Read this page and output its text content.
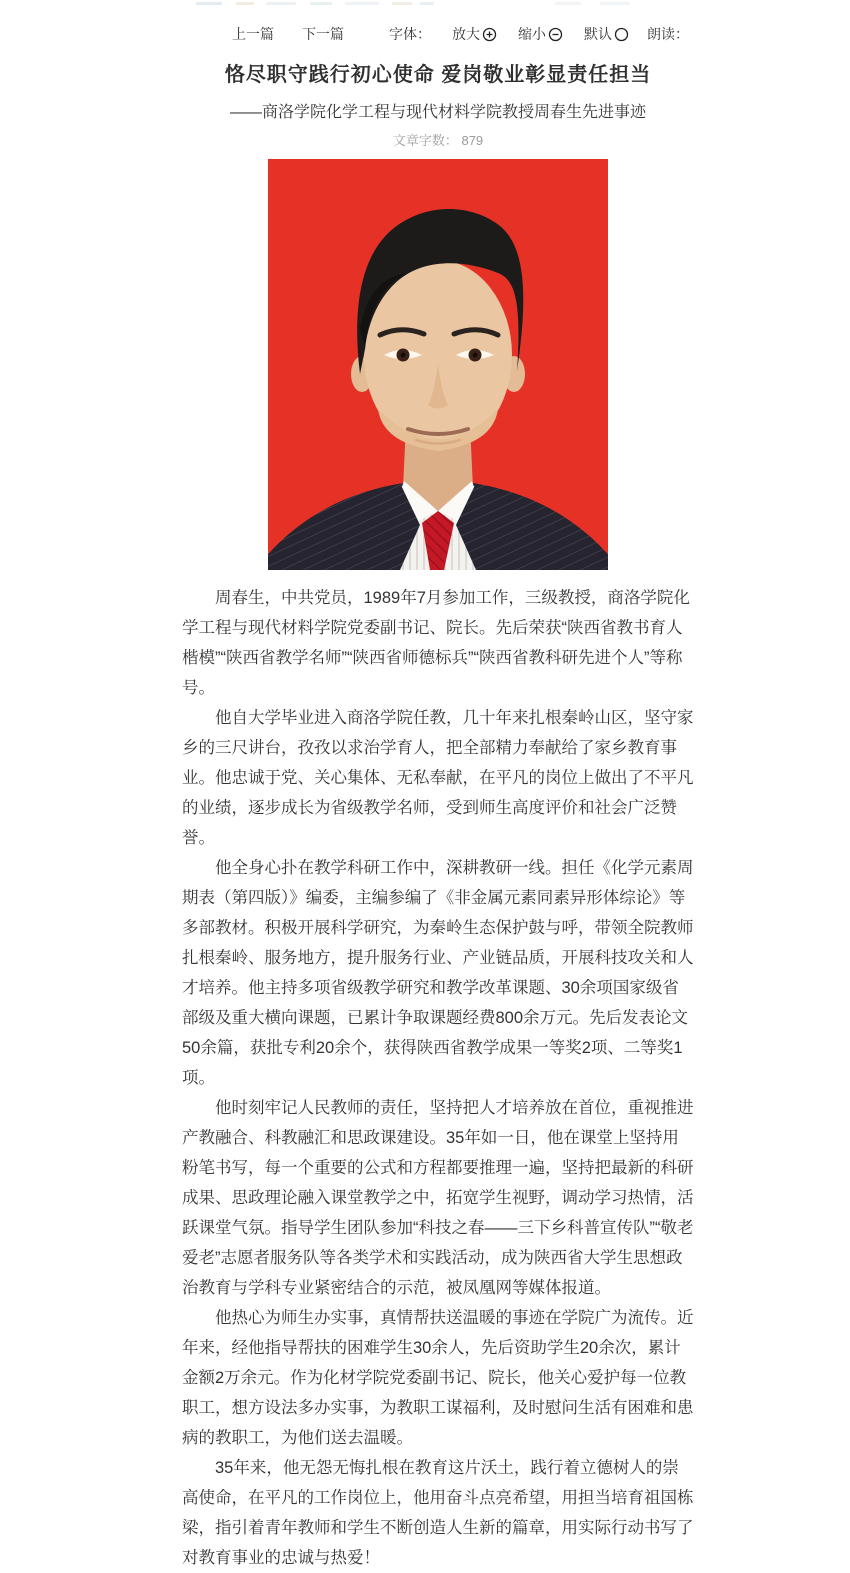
上一篇 下一篇	字体： 放大	缩小	默认	朗读：
恪尽职守践行初心使命 爱岗敬业彰显责任担当
——商洛学院化学工程与现代材料学院教授周春生先进事迹
文章字数： 879

周春生，中共党员，1989年7月参加工作，三级教授，商洛学院化学工程与现代材料学院党委副书记、院长。先后荣获“陕西省教书育人楷模”“陕西省教学名师”“陕西省师德标兵”“陕西省教科研先进个人”等称号。

他自大学毕业进入商洛学院任教，几十年来扎根秦岭山区，坚守家乡的三尺讲台，孜孜以求治学育人，把全部精力奉献给了家乡教育事业。他忠诚于党、关心集体、无私奉献，在平凡的岗位上做出了不平凡的业绩，逐步成长为省级教学名师，受到师生高度评价和社会广泛赞誉。

他全身心扑在教学科研工作中，深耕教研一线。担任《化学元素周期表（第四版）》编委，主编参编了《非金属元素同素异形体综论》等多部教材。积极开展科学研究，为秦岭生态保护鼓与呼，带领全院教师扎根秦岭、服务地方，提升服务行业、产业链品质，开展科技攻关和人才培养。他主持多项省级教学研究和教学改革课题、30余项国家级省部级及重大横向课题，已累计争取课题经费800余万元。先后发表论文50余篇，获批专利20余个，获得陕西省教学成果一等奖2项、二等奖1项。

他时刻牢记人民教师的责任，坚持把人才培养放在首位，重视推进产教融合、科教融汇和思政课建设。35年如一日，他在课堂上坚持用粉笔书写，每一个重要的公式和方程都要推理一遍，坚持把最新的科研成果、思政理论融入课堂教学之中，拓宽学生视野，调动学习热情，活跃课堂气氛。指导学生团队参加“科技之春——三下乡科普宣传队”“敬老爱老”志愿者服务队等各类学术和实践活动，成为陕西省大学生思想政治教育与学科专业紧密结合的示范，被凤凰网等媒体报道。

他热心为师生办实事，真情帮扶送温暖的事迹在学院广为流传。近年来，经他指导帮扶的困难学生30余人，先后资助学生20余次，累计金额2万余元。作为化材学院党委副书记、院长，他关心爱护每一位教职工，想方设法多办实事，为教职工谋福利，及时慰问生活有困难和患病的教职工，为他们送去温暖。

35年来，他无怨无悔扎根在教育这片沃土，践行着立德树人的崇高使命，在平凡的工作岗位上，他用奋斗点亮希望，用担当培育祖国栋梁，指引着青年教师和学生不断创造人生新的篇章，用实际行动书写了对教育事业的忠诚与热爱！
